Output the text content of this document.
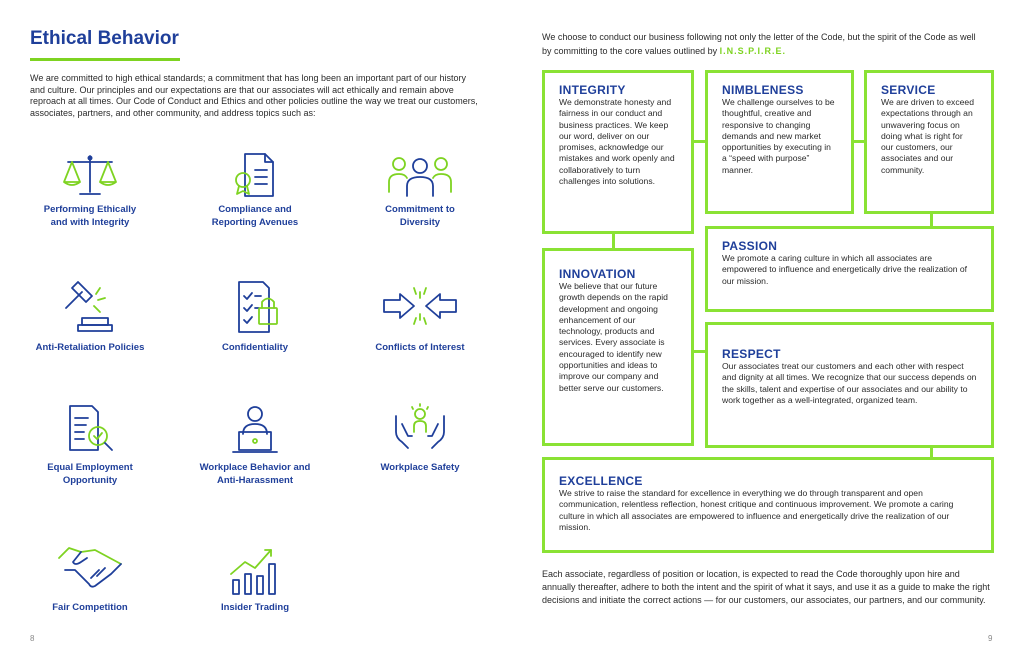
Ethical Behavior
We are committed to high ethical standards; a commitment that has long been an important part of our history and culture. Our principles and our expectations are that our associates will act ethically and remain above reproach at all times. Our Code of Conduct and Ethics and other policies outline the way we treat our customers, associates, partners, and other community, and address topics such as:
Performing Ethically
and with Integrity
Compliance and
Reporting Avenues
Commitment to
Diversity
Anti-Retaliation Policies	Confidentiality	Conflicts of Interest
Equal Employment
Opportunity
Workplace Behavior and
Anti-Harassment
Workplace Safety
Fair Competition	Insider Trading
8
We choose to conduct our business following not only the letter of the Code, but the spirit of the Code as well by committing to the core values outlined by I.N.S.P.I.R.E.
INTEGRITY
We demonstrate honesty and fairness in our conduct and business practices. We keep our word, deliver on our promises, acknowledge our mistakes and work openly and collaboratively to turn challenges into solutions.
NIMBLENESS
We challenge ourselves to be thoughtful, creative and responsive to changing demands and new market opportunities by executing in a “speed with purpose” manner.
SERVICE
We are driven to exceed expectations through an unwavering focus on doing what is right for our customers, our associates and our community.
PASSION
We promote a caring culture in which all associates are empowered to influence and energetically drive the realization of our mission.
INNOVATION
We believe that our future growth depends on the rapid development and ongoing enhancement of our technology, products and services. Every associate is encouraged to identify new opportunities and ideas to improve our company and better serve our customers.
RESPECT
Our associates treat our customers and each other with respect and dignity at all times. We recognize that our success depends on the skills, talent and expertise of our associates and our ability to work together as a well-integrated, organized team.
EXCELLENCE
We strive to raise the standard for excellence in everything we do through transparent and open communication, relentless reflection, honest critique and continuous improvement. We promote a caring culture in which all associates are empowered to influence and energetically drive the realization of our mission.
Each associate, regardless of position or location, is expected to read the Code thoroughly upon hire and annually thereafter, adhere to both the intent and the spirit of what it says, and use it as a guide to make the right decisions and initiate the correct actions — for our customers, our associates, our partners, and our community.
9
